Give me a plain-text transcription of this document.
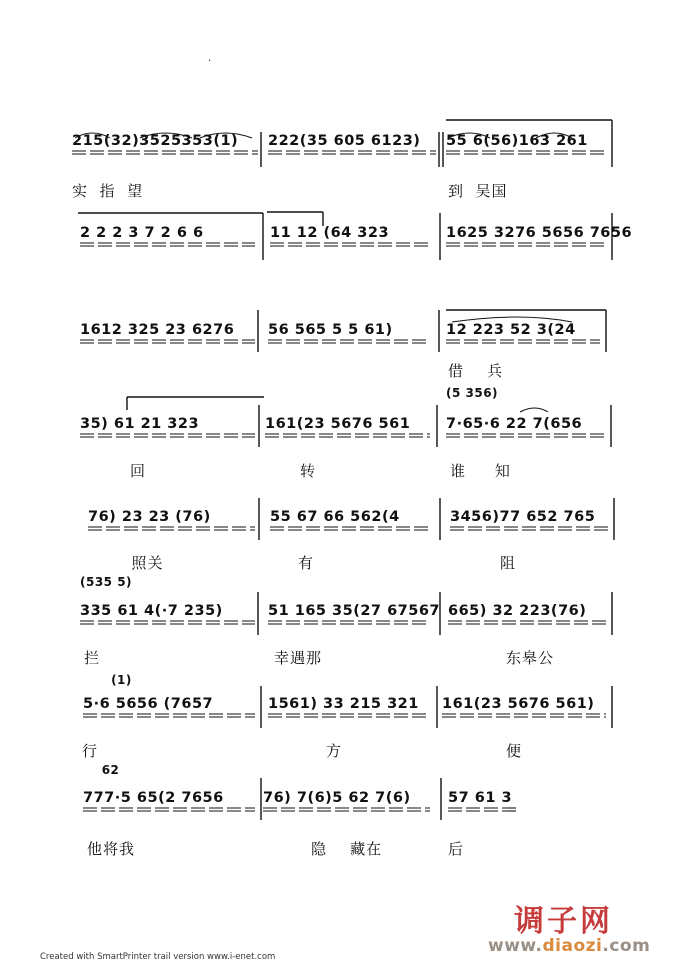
·
215(32)3525353(1) 222(35 605 6123) 55 6(56)163 261
实  指  望	到  吴国
2 2 2 3 7 2 6 6	11 12 (64 323	1625 3276 5656 7656
1612 325 23 6276 56 565 5 5 61)	12 223 52 3(24
借    兵
35) 61 21 323	161(23 5676 561 7·65·6 22 7(656
回	转	谁     知
(5 356)
76) 23 23 (76)	55 67 66 562(4	3456)77 652 765
照关	有	阻
335 61 4(·7 235)	51 165 35(27 67567 665) 32 223(76)
拦	幸遇那	东皋公
(535 5)
5·6 5656 (7657	1561) 33 215 321 161(23 5676 561)
行	方	便
(1)
777·5 65(2 7656	76) 7(6)5 62 7(6)	57 61 3
他将我	隐    藏在	后
62
Created with SmartPrinter trail version www.i-enet.com
调子网
www.diaozi.com
